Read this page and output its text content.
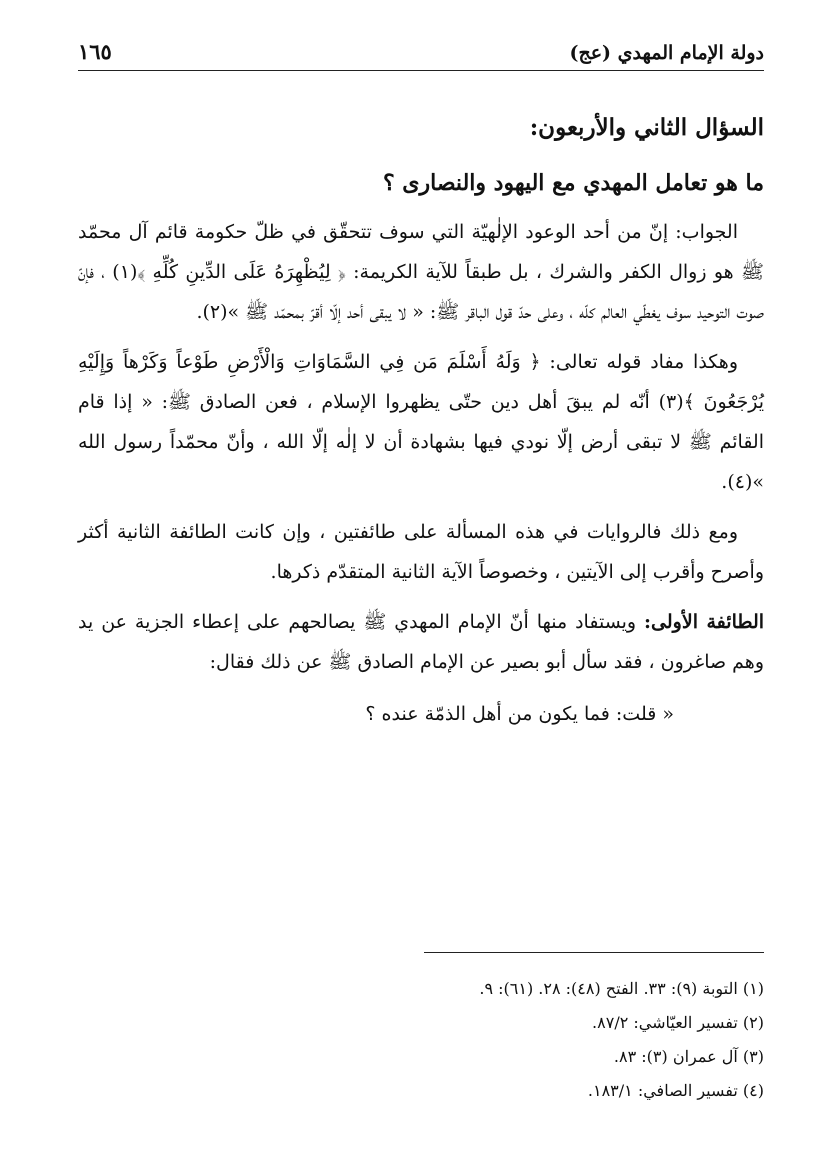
دولة الإمام المهدي (عج)
١٦٥
السؤال الثاني والأربعون:
ما هو تعامل المهدي مع اليهود والنصارى ؟

الجواب: إنّ من أحد الوعود الإلٰهيّة التي سوف تتحقّق في ظلّ حكومة قائم آل محمّد ﷺ هو زوال الكفر والشرك ، بل طبقاً للآية الكريمة: ﴿ لِيُظْهِرَهُ عَلَى الدِّينِ كُلِّهِ ﴾(١) ، فإنّ صوت التوحيد سوف يغطّي العالم كلّه ، وعلى حدّ قول الباقر ﷺ: « لا يبقى أحد إلّا أقرّ بمحمّد ﷺ »(٢).

وهكذا مفاد قوله تعالى: ﴿ وَلَهُ أَسْلَمَ مَن فِي السَّمَاوَاتِ وَالْأَرْضِ طَوْعاً وَكَرْهاً وَإِلَيْهِ يُرْجَعُونَ ﴾(٣) أنّه لم يبقَ أهل دين حتّى يظهروا الإسلام ، فعن الصادق ﷺ: « إذا قام القائم ﷺ لا تبقى أرض إلّا نودي فيها بشهادة أن لا إلٰه إلّا الله ، وأنّ محمّداً رسول الله »(٤).

ومع ذلك فالروايات في هذه المسألة على طائفتين ، وإن كانت الطائفة الثانية أكثر وأصرح وأقرب إلى الآيتين ، وخصوصاً الآية الثانية المتقدّم ذكرها.

الطائفة الأولى: ويستفاد منها أنّ الإمام المهدي ﷺ يصالحهم على إعطاء الجزية عن يد وهم صاغرون ، فقد سأل أبو بصير عن الإمام الصادق ﷺ عن ذلك فقال:

« قلت: فما يكون من أهل الذمّة عنده ؟

(١) التوبة (٩): ٣٣. الفتح (٤٨): ٢٨. (٦١): ٩.

(٢) تفسير العيّاشي: ٨٧/٢.

(٣) آل عمران (٣): ٨٣.

(٤) تفسير الصافي: ١٨٣/١.
